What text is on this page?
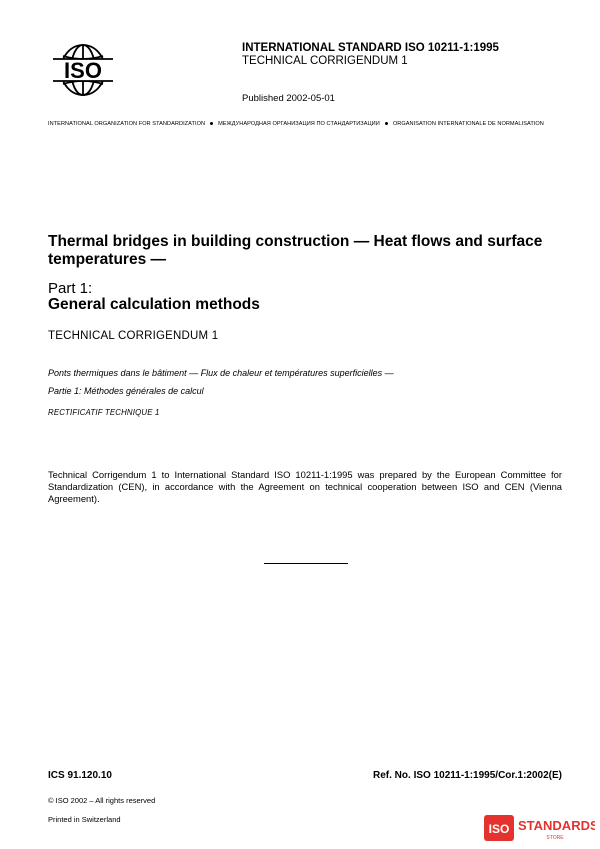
ISO
INTERNATIONAL STANDARD ISO 10211-1:1995
TECHNICAL CORRIGENDUM 1
Published 2002-05-01
INTERNATIONAL ORGANIZATION FOR STANDARDIZATION МЕЖДУНАРОДНАЯ ОРГАНИЗАЦИЯ ПО СТАНДАРТИЗАЦИИ ORGANISATION INTERNATIONALE DE NORMALISATION
Thermal bridges in building construction — Heat flows and surface temperatures —
Part 1:
General calculation methods
TECHNICAL CORRIGENDUM 1
Ponts thermiques dans le bâtiment — Flux de chaleur et températures superficielles —
Partie 1: Méthodes générales de calcul
RECTIFICATIF TECHNIQUE 1
Technical Corrigendum 1 to International Standard ISO 10211-1:1995 was prepared by the European Committee for Standardization (CEN), in accordance with the Agreement on technical cooperation between ISO and CEN (Vienna Agreement).
ICS 91.120.10	Ref. No. ISO 10211-1:1995/Cor.1:2002(E)
© ISO 2002 – All rights reserved
Printed in Switzerland
ISO STANDARDS
STORE
